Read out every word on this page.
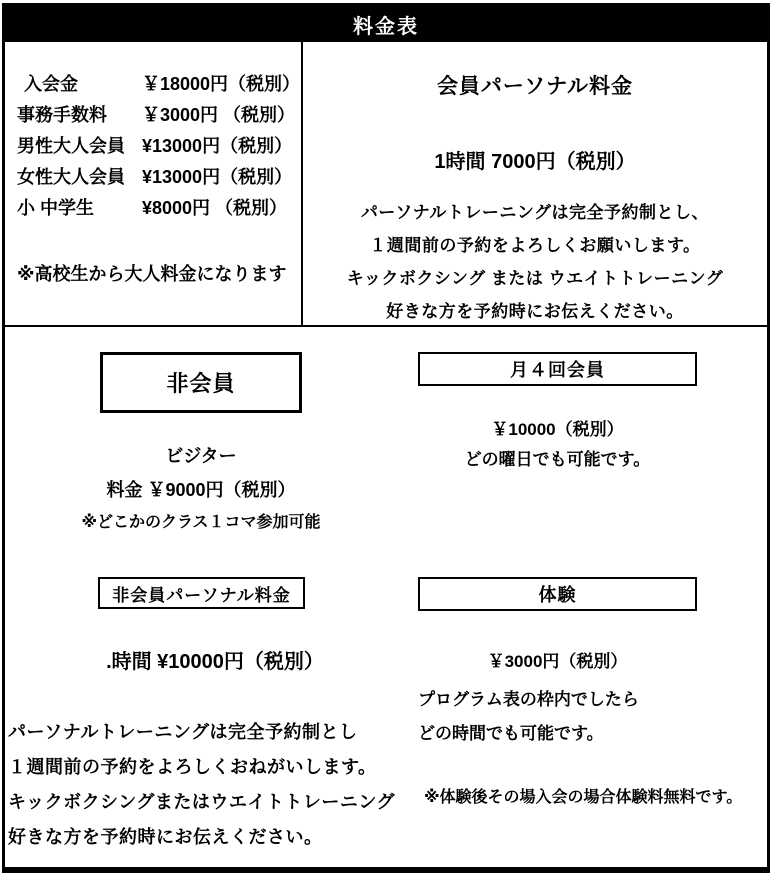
料金表
入会金	￥18000円（税別）
事務手数料	￥3000円 （税別）
男性大人会員 ¥13000円（税別）
女性大人会員 ¥13000円（税別）
小 中学生	¥8000円 （税別）
※高校生から大人料金になります
会員パーソナル料金
1時間 7000円（税別）
パーソナルトレーニングは完全予約制とし、
１週間前の予約をよろしくお願いします。
キックボクシング または ウエイトトレーニング
好きな方を予約時にお伝えください。
非会員
月４回会員
ビジター
料金 ￥9000円（税別）
※どこかのクラス１コマ参加可能
￥10000（税別）
どの曜日でも可能です。
非会員パーソナル料金	体験
.時間 ¥10000円（税別）	￥3000円（税別）
プログラム表の枠内でしたら
どの時間でも可能です。
パーソナルトレーニングは完全予約制とし
１週間前の予約をよろしくおねがいします。
キックボクシングまたはウエイトトレーニング
好きな方を予約時にお伝えください。
※体験後その場入会の場合体験料無料です。
